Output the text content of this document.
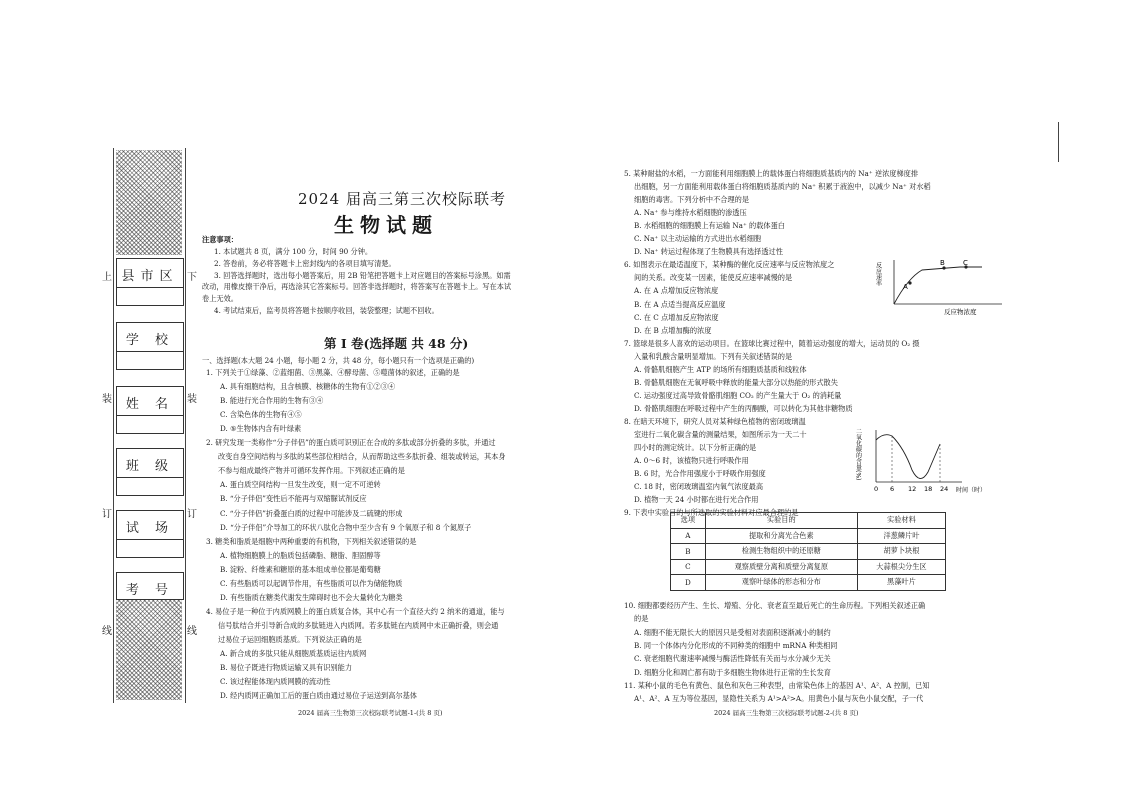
县市区
学 校
姓 名
班 级
试 场
考 号
上
装
订
线
下
装
订
线
2024 届高三第三次校际联考
生物试题
注意事项：
1. 本试题共 8 页，满分 100 分，时间 90 分钟。
2. 答卷前，务必将答题卡上密封线内的各项目填写清楚。
3. 回答选择题时，选出每小题答案后，用 2B 铅笔把答题卡上对应题目的答案标号涂黑。如需
改动，用橡皮擦干净后，再选涂其它答案标号。回答非选择题时，将答案写在答题卡上。写在本试
卷上无效。
4. 考试结束后，监考员将答题卡按顺序收回，装袋整理；试题不回收。
第 Ⅰ 卷(选择题 共 48 分)
一、选择题(本大题 24 小题，每小题 2 分，共 48 分，每小题只有一个选项是正确的)
1. 下列关于①绿藻、②蓝细菌、③黑藻、④酵母菌、⑤噬菌体的叙述，正确的是
A. 具有细胞结构，且含核膜、核糖体的生物有①②③④
B. 能进行光合作用的生物有③④
C. 含染色体的生物有④⑤
D. ⑤生物体内含有叶绿素
2. 研究发现一类称作“分子伴侣”的蛋白质可识别正在合成的多肽或部分折叠的多肽，并通过
改变自身空间结构与多肽的某些部位相结合，从而帮助这些多肽折叠、组装或转运，其本身
不参与组成最终产物并可循环发挥作用。下列叙述正确的是
A. 蛋白质空间结构一旦发生改变，则一定不可逆转
B. “分子伴侣”变性后不能再与双缩脲试剂反应
C. “分子伴侣”折叠蛋白质的过程中可能涉及二硫键的形成
D. “分子伴侣”介导加工的环状八肽化合物中至少含有 9 个氧原子和 8 个氮原子
3. 糖类和脂质是细胞中两种重要的有机物，下列相关叙述错误的是
A. 植物细胞膜上的脂质包括磷脂、糖脂、胆固醇等
B. 淀粉、纤维素和糖原的基本组成单位都是葡萄糖
C. 有些脂质可以起调节作用，有些脂质可以作为储能物质
D. 有些脂质在糖类代谢发生障碍时也不会大量转化为糖类
4. 易位子是一种位于内质网膜上的蛋白质复合体，其中心有一个直径大约 2 纳米的通道，能与
信号肽结合并引导新合成的多肽链进入内质网。若多肽链在内质网中未正确折叠，则会通
过易位子运回细胞质基质。下列说法正确的是
A. 新合成的多肽只能从细胞质基质运往内质网
B. 易位子既进行物质运输又具有识别能力
C. 该过程能体现内质网膜的流动性
D. 经内质网正确加工后的蛋白质由通过易位子运送到高尔基体
2024 届高三生物第三次校际联考试题-1-(共 8 页)
5. 某种耐盐的水稻，一方面能利用细胞膜上的载体蛋白将细胞质基质内的 Na⁺ 逆浓度梯度排
出细胞，另一方面能利用载体蛋白将细胞质基质内的 Na⁺ 积累于液泡中，以减少 Na⁺ 对水稻
细胞的毒害。下列分析中不合理的是
A. Na⁺ 参与维持水稻细胞的渗透压
B. 水稻细胞的细胞膜上有运输 Na⁺ 的载体蛋白
C. Na⁺ 以主动运输的方式进出水稻细胞
D. Na⁺ 转运过程体现了生物膜具有选择透过性
6. 如图表示在最适温度下，某种酶的催化反应速率与反应物浓度之
间的关系。改变某一因素，能使反应速率减慢的是
A. 在 A 点增加反应物浓度
B. 在 A 点适当提高反应温度
C. 在 C 点增加反应物浓度
D. 在 B 点增加酶的浓度
7. 篮球是很多人喜欢的运动项目。在篮球比赛过程中，随着运动强度的增大，运动员的 O₂ 摄
入量和乳酸含量明显增加。下列有关叙述错误的是
A. 骨骼肌细胞产生 ATP 的场所有细胞质基质和线粒体
B. 骨骼肌细胞在无氧呼吸中释放的能量大部分以热能的形式散失
C. 运动强度过高导致骨骼肌细胞 CO₂ 的产生量大于 O₂ 的消耗量
D. 骨骼肌细胞在呼吸过程中产生的丙酮酸，可以转化为其他非糖物质
8. 在暗天环境下，研究人员对某种绿色植物的密闭玻璃温
室进行二氧化碳含量的测量结果，如图所示为一天二十
四小时的测定统计。以下分析正确的是
A. 0～6 时，该植物只进行呼吸作用
B. 6 时，光合作用强度小于呼吸作用强度
C. 18 时，密闭玻璃温室内氧气浓度最高
D. 植物一天 24 小时都在进行光合作用
9. 下表中实验目的与所选取的实验材料对应最合理的是
A
B	C
反应速率
反应物浓度
0 6 12 18 24 时间（时）
二氧化碳的含量(%)
选项	实验目的	实验材料
A	提取和分离光合色素	洋葱鳞片叶
B	检测生物组织中的还原糖	胡萝卜块根
C	观察质壁分离和质壁分离复原	大蒜根尖分生区
D	观察叶绿体的形态和分布	黑藻叶片
10. 细胞都要经历产生、生长、增殖、分化、衰老直至最后死亡的生命历程。下列相关叙述正确
的是
A. 细胞不能无限长大的原因只是受相对表面积逐渐减小的制约
B. 同一个体体内分化形成的不同种类的细胞中 mRNA 种类相同
C. 衰老细胞代谢速率减慢与酶活性降低有关而与水分减少无关
D. 细胞分化和凋亡都有助于多细胞生物体进行正常的生长发育
11. 某种小鼠的毛色有黄色、鼠色和灰色三种表型，由常染色体上的基因 A¹、A²、A 控制，已知
A¹、A²、A 互为等位基因，显隐性关系为 A¹>A²>A。用黄色小鼠与灰色小鼠交配，子一代
2024 届高三生物第三次校际联考试题-2-(共 8 页)
